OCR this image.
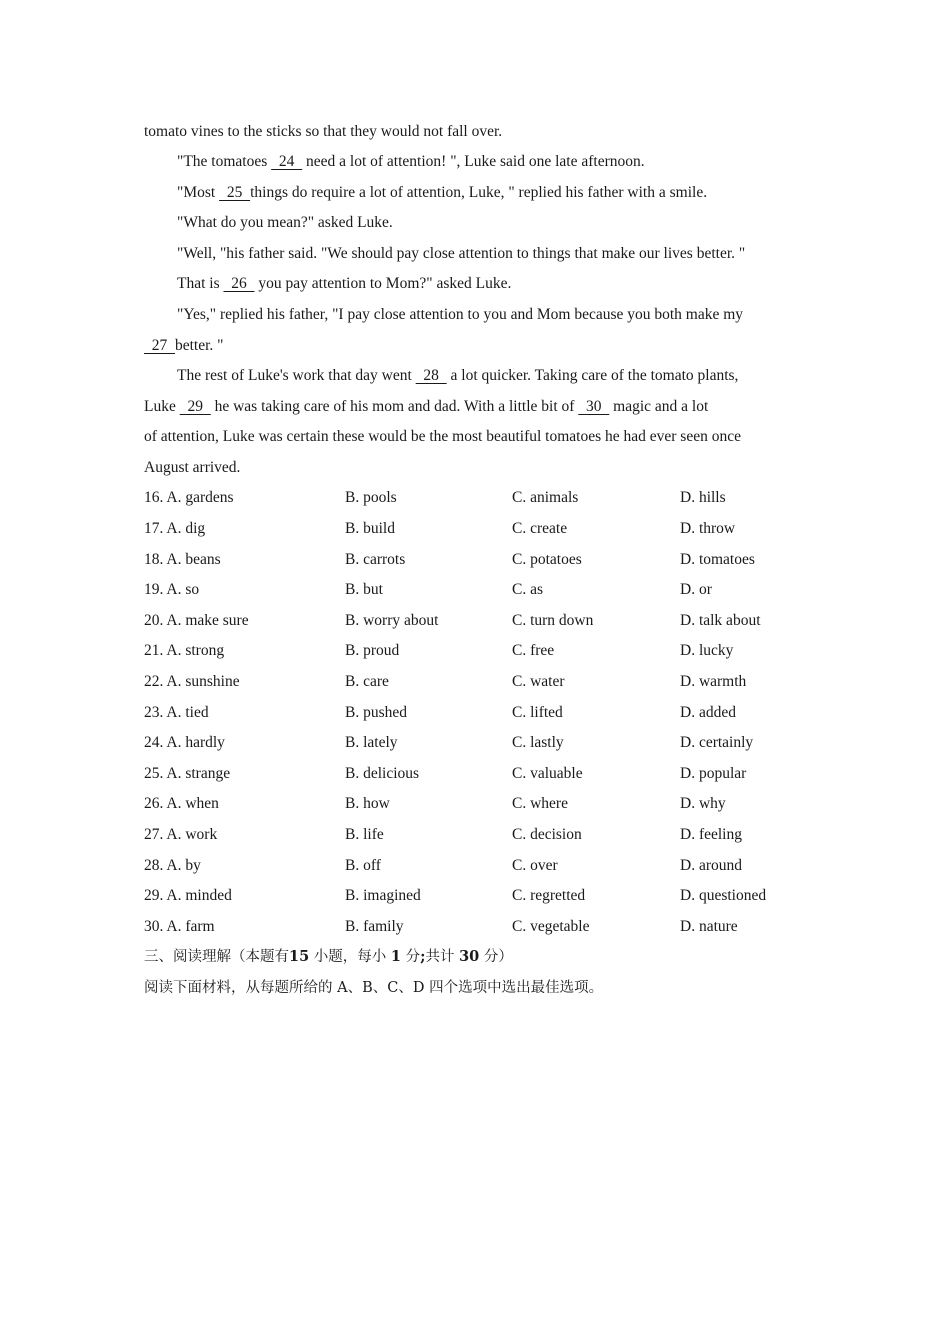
tomato vines to the sticks so that they would not fall over.
"The tomatoes   24   need a lot of attention! ", Luke said one late afternoon.
"Most   25  things do require a lot of attention, Luke, " replied his father with a smile.
"What do you mean?" asked Luke.
"Well, "his father said. "We should pay close attention to things that make our lives better. "
That is   26   you pay attention to Mom?" asked Luke.
"Yes," replied his father, "I pay close attention to you and Mom because you both make my
27  better. "
The rest of Luke's work that day went   28   a lot quicker. Taking care of the tomato plants,
Luke   29   he was taking care of his mom and dad. With a little bit of   30   magic and a lot
of attention, Luke was certain these would be the most beautiful tomatoes he had ever seen once
August arrived.
16. A. gardens	B. pools	C. animals	D. hills
17. A. dig	B. build	C. create	D. throw
18. A. beans	B. carrots	C. potatoes	D. tomatoes
19. A. so	B. but	C. as	D. or
20. A. make sure	B. worry about	C. turn down	D. talk about
21. A. strong	B. proud	C. free	D. lucky
22. A. sunshine	B. care	C. water	D. warmth
23. A. tied	B. pushed	C. lifted	D. added
24. A. hardly	B. lately	C. lastly	D. certainly
25. A. strange	B. delicious	C. valuable	D. popular
26. A. when	B. how	C. where	D. why
27. A. work	B. life	C. decision	D. feeling
28. A. by	B. off	C. over	D. around
29. A. minded	B. imagined	C. regretted	D. questioned
30. A. farm	B. family	C. vegetable	D. nature
三、阅读理解（本题有15 小题，每小 1 分;共计 30 分）
阅读下面材料，从每题所给的 A、B、C、D 四个选项中选出最佳选项。
